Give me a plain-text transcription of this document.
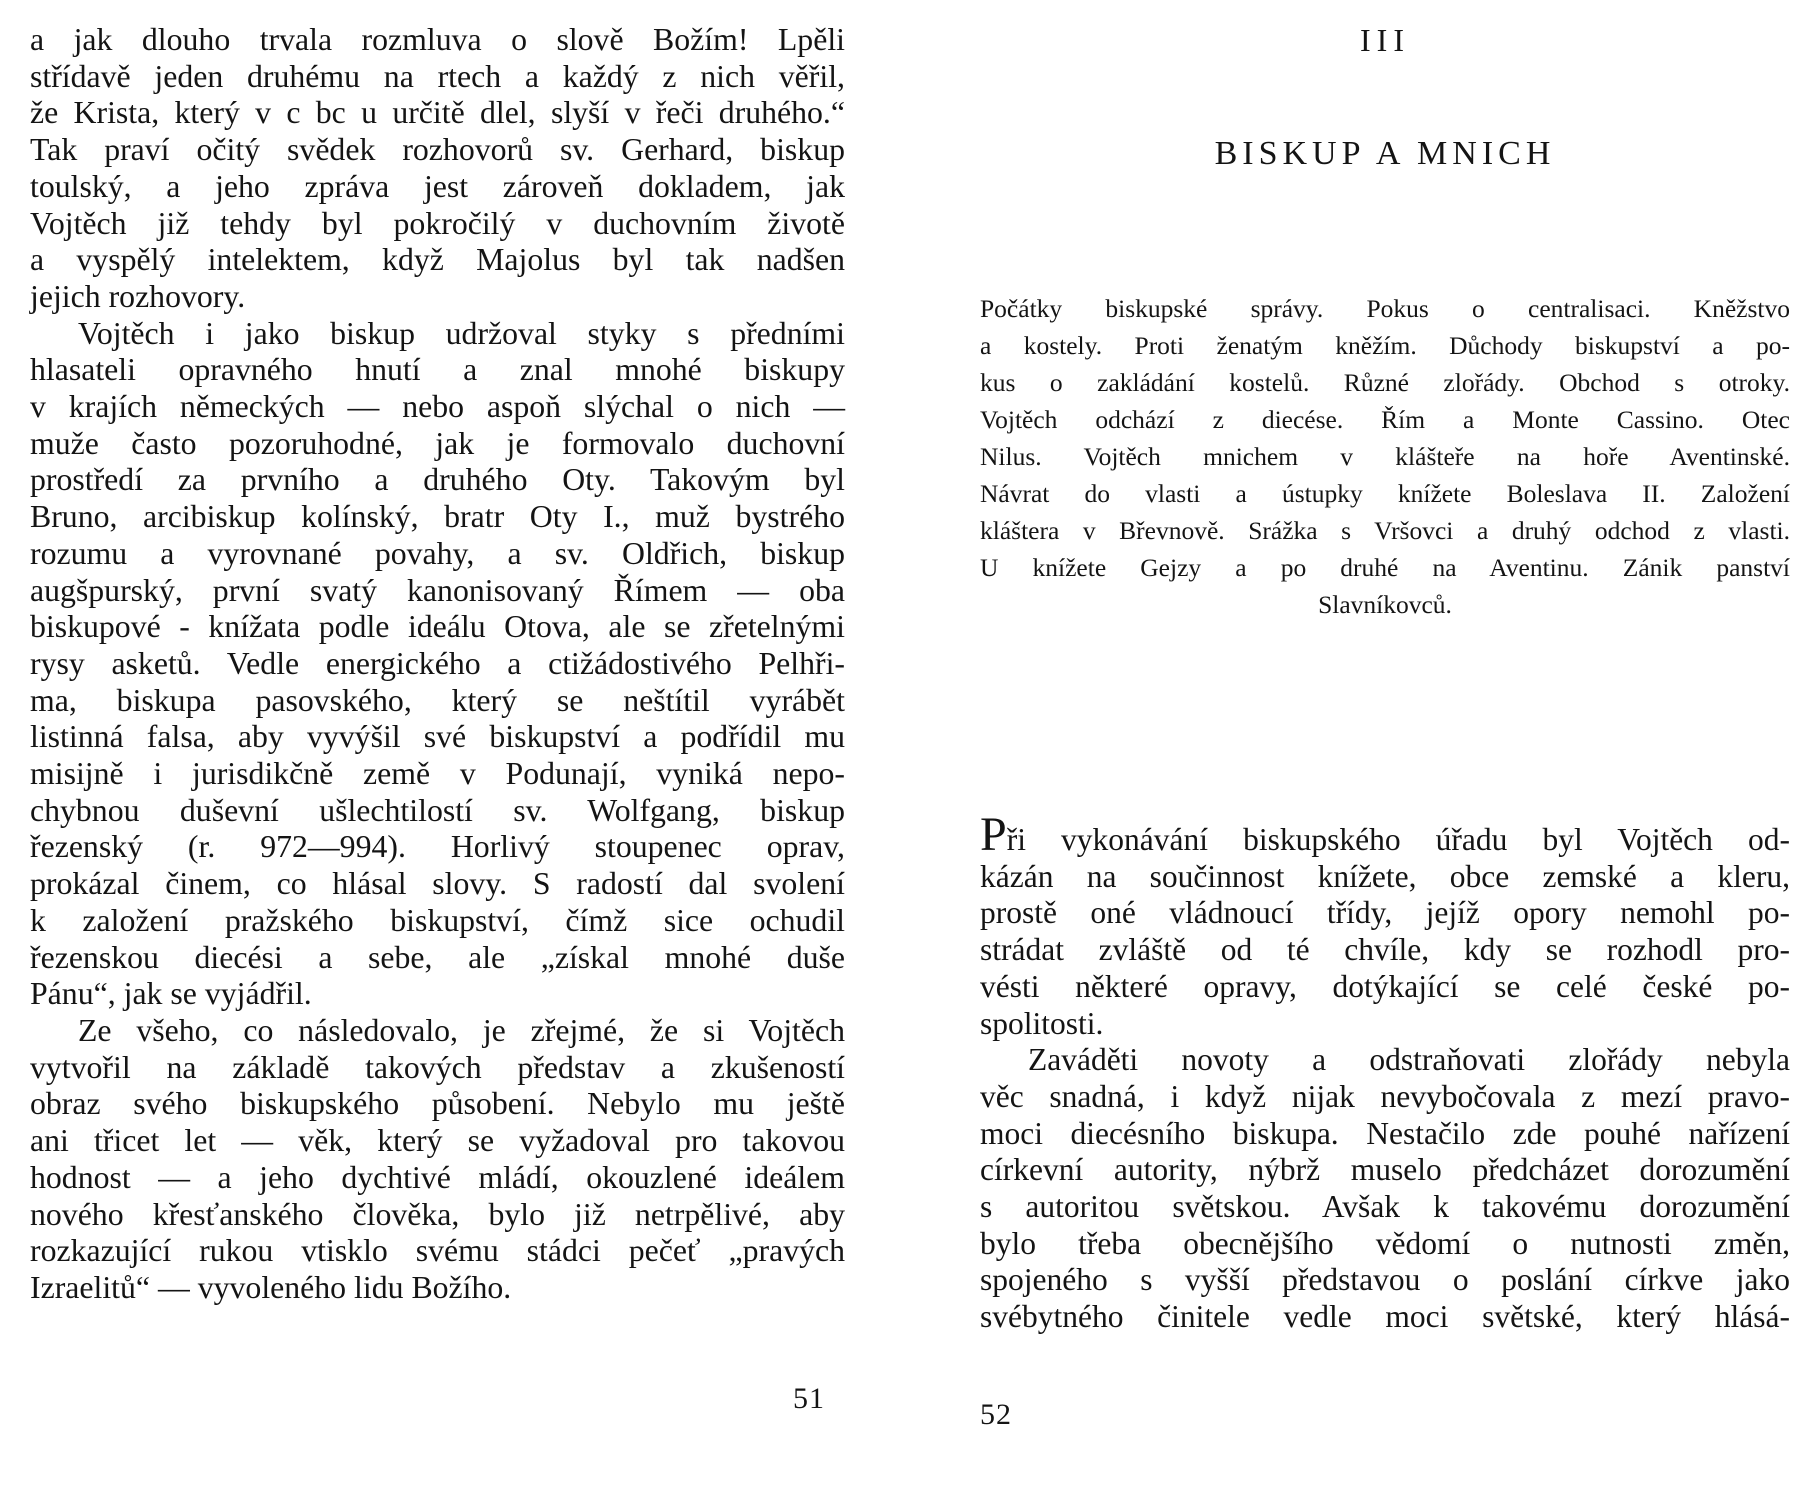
a jak dlouho trvala rozmluva o slově Božím! Lpěli
střídavě jeden druhému na rtech a každý z nich věřil,
že Krista, který v c bc u určitě dlel, slyší v řeči druhého.“
Tak praví očitý svědek rozhovorů sv. Gerhard, biskup
toulský, a jeho zpráva jest zároveň dokladem, jak
Vojtěch již tehdy byl pokročilý v duchovním životě
a vyspělý intelektem, když Majolus byl tak nadšen
jejich rozhovory.
Vojtěch i jako biskup udržoval styky s předními
hlasateli opravného hnutí a znal mnohé biskupy
v krajích německých — nebo aspoň slýchal o nich —
muže často pozoruhodné, jak je formovalo duchovní
prostředí za prvního a druhého Oty. Takovým byl
Bruno, arcibiskup kolínský, bratr Oty I., muž bystrého
rozumu a vyrovnané povahy, a sv. Oldřich, biskup
augšpurský, první svatý kanonisovaný Římem — oba
biskupové - knížata podle ideálu Otova, ale se zřetelnými
rysy asketů. Vedle energického a ctižádostivého Pelhři-
ma, biskupa pasovského, který se neštítil vyrábět
listinná falsa, aby vyvýšil své biskupství a podřídil mu
misijně i jurisdikčně země v Podunají, vyniká nepo-
chybnou duševní ušlechtilostí sv. Wolfgang, biskup
řezenský (r. 972—994). Horlivý stoupenec oprav,
prokázal činem, co hlásal slovy. S radostí dal svolení
k založení pražského biskupství, čímž sice ochudil
řezenskou diecési a sebe, ale „získal mnohé duše
Pánu“, jak se vyjádřil.
Ze všeho, co následovalo, je zřejmé, že si Vojtěch
vytvořil na základě takových představ a zkušeností
obraz svého biskupského působení. Nebylo mu ještě
ani třicet let — věk, který se vyžadoval pro takovou
hodnost — a jeho dychtivé mládí, okouzlené ideálem
nového křesťanského člověka, bylo již netrpělivé, aby
rozkazující rukou vtisklo svému stádci pečeť „pravých
Izraelitů“ — vyvoleného lidu Božího.
51
III
BISKUP A MNICH
Počátky biskupské správy. Pokus o centralisaci. Kněžstvo
a kostely. Proti ženatým kněžím. Důchody biskupství a po-
kus o zakládání kostelů. Různé zlořády. Obchod s otroky.
Vojtěch odchází z diecése. Řím a Monte Cassino. Otec
Nilus. Vojtěch mnichem v klášteře na hoře Aventinské.
Návrat do vlasti a ústupky knížete Boleslava II. Založení
kláštera v Břevnově. Srážka s Vršovci a druhý odchod z vlasti.
U knížete Gejzy a po druhé na Aventinu. Zánik panství
Slavníkovců.
Při vykonávání biskupského úřadu byl Vojtěch od-
kázán na součinnost knížete, obce zemské a kleru,
prostě oné vládnoucí třídy, jejíž opory nemohl po-
strádat zvláště od té chvíle, kdy se rozhodl pro-
vésti některé opravy, dotýkající se celé české po-
spolitosti.
Zaváděti novoty a odstraňovati zlořády nebyla
věc snadná, i když nijak nevybočovala z mezí pravo-
moci diecésního biskupa. Nestačilo zde pouhé nařízení
církevní autority, nýbrž muselo předcházet dorozumění
s autoritou světskou. Avšak k takovému dorozumění
bylo třeba obecnějšího vědomí o nutnosti změn,
spojeného s vyšší představou o poslání církve jako
svébytného činitele vedle moci světské, který hlásá-
52
